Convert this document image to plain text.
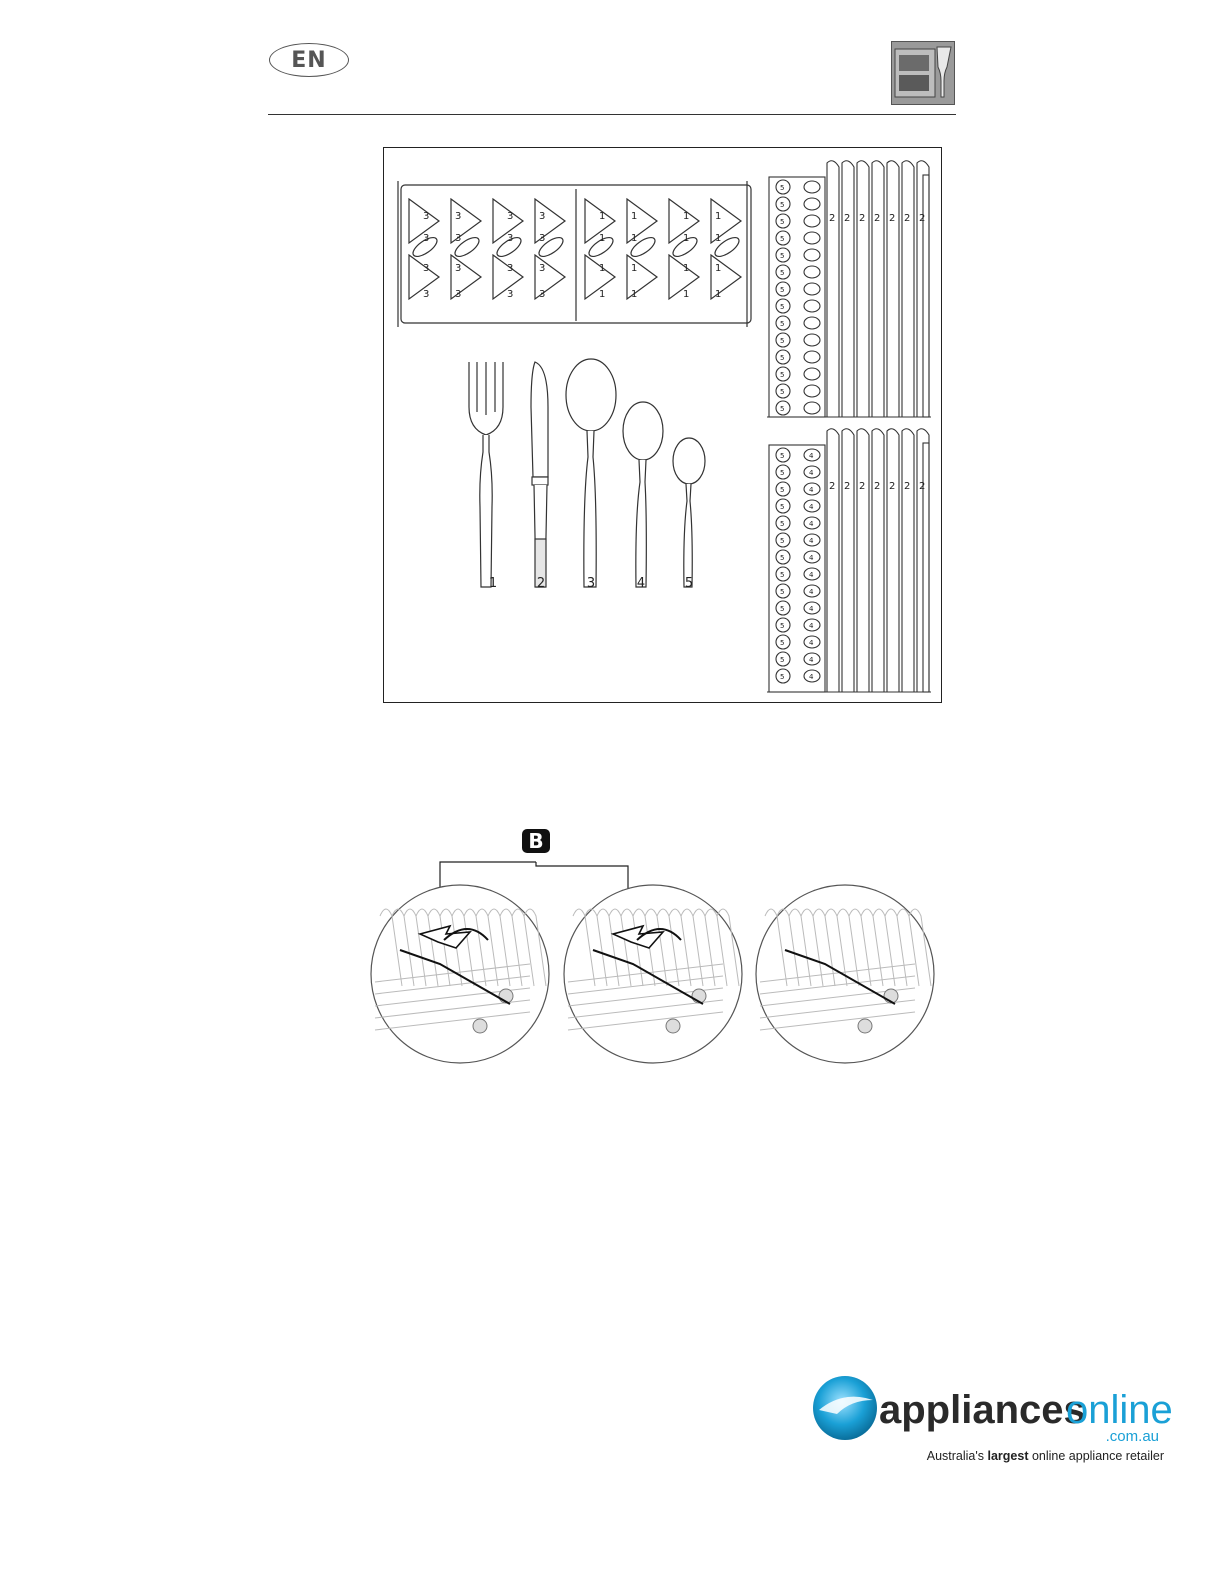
EN
3	3	3	3
3	3	3	3
3	3	3	3
3	3	3	3
1	1	1	1
1	1	1	1
1	1	1	1
1	1	1	1
5
5
5
5
5
5
5
5
5
5
5
5
5
5
2 2 2 2 2 2 2
5	4
5	4
5	4
5	4
5	4
5	4
5	4
5	4
5	4
5	4
5	4
5	4
5	4
5	4
2 2 2 2 2 2 2
1	2	3	4	5
B
appliances
online
.com.au
Australia's largest online appliance retailer
